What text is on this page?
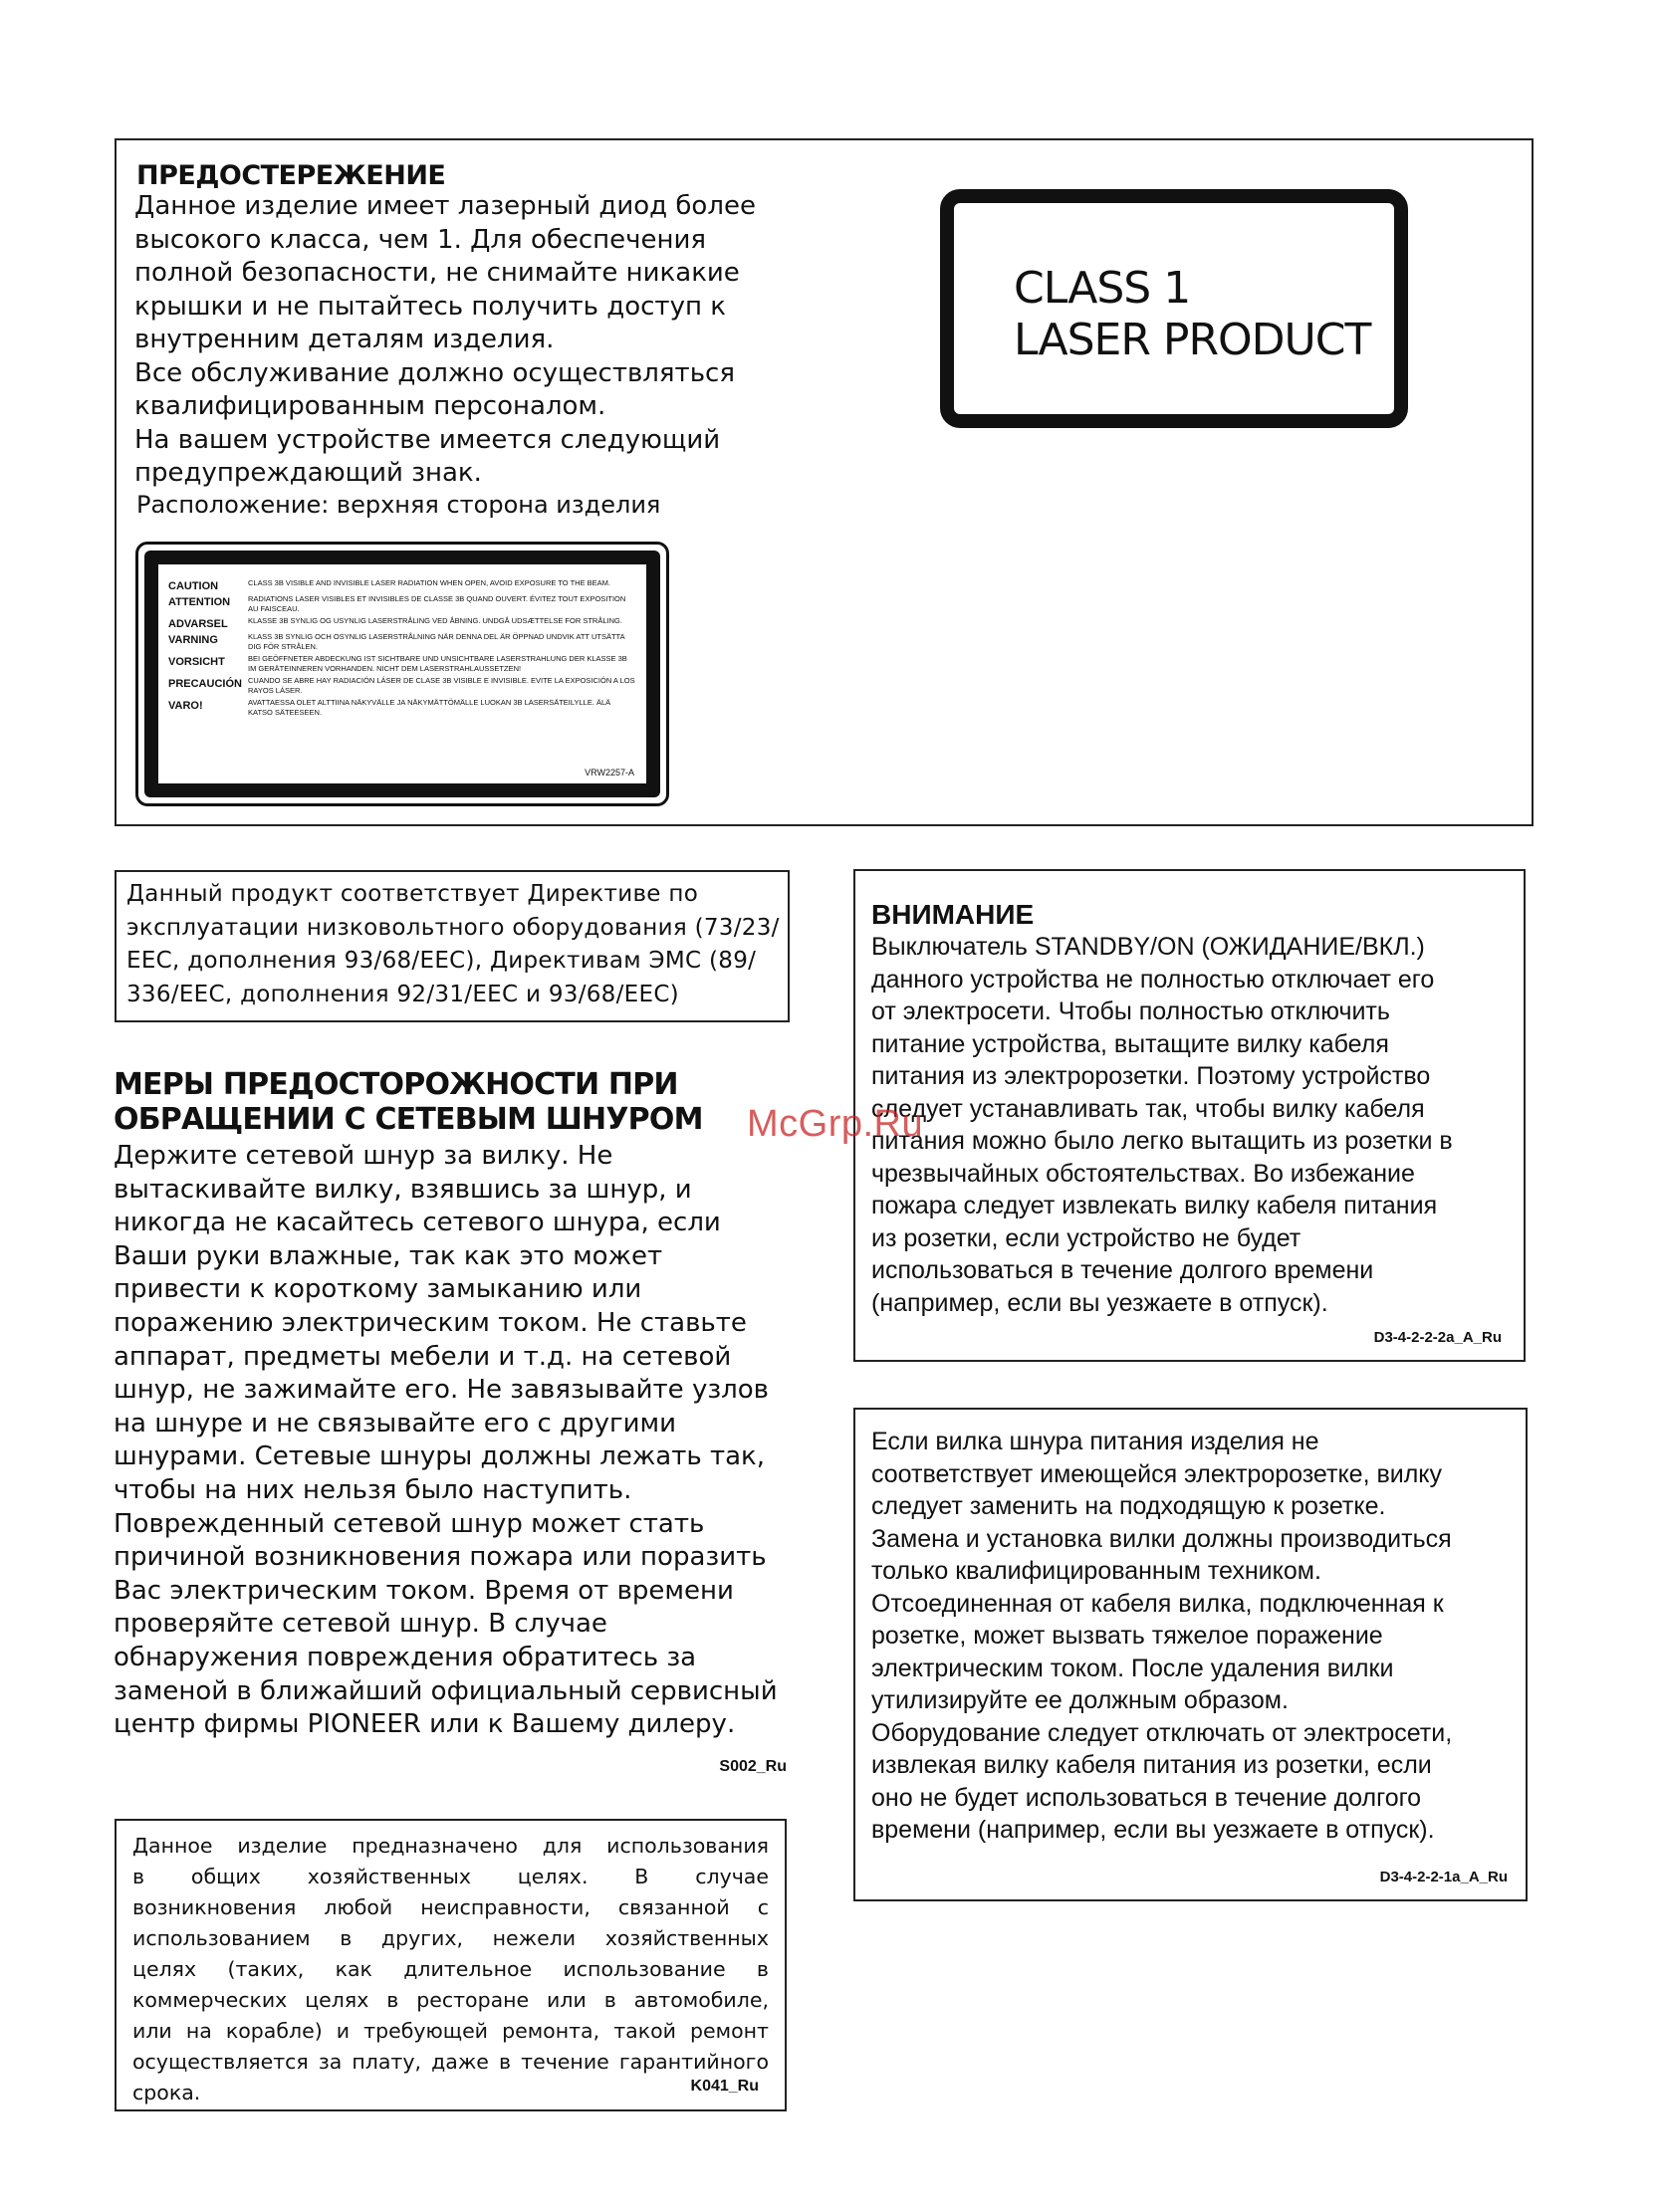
ПРЕДОСТЕРЕЖЕНИЕ
Данное изделие имеет лазерный диод более
высокого класса, чем 1. Для обеспечения
полной безопасности, не снимайте никакие
крышки и не пытайтесь получить доступ к
внутренним деталям изделия.
Все обслуживание должно осуществляться
квалифицированным персоналом.
На вашем устройстве имеется следующий
предупреждающий знак.
Расположение: верхняя сторона изделия
CLASS 1
LASER PRODUCT
CAUTION	CLASS 3B VISIBLE AND INVISIBLE LASER RADIATION WHEN OPEN, AVOID EXPOSURE TO THE BEAM.
ATTENTION	RADIATIONS LASER VISIBLES ET INVISIBLES DE CLASSE 3B QUAND OUVERT. ÉVITEZ TOUT EXPOSITION AU FAISCEAU.
ADVARSEL	KLASSE 3B SYNLIG OG USYNLIG LASERSTRÅLING VED ÅBNING. UNDGÅ UDSÆTTELSE FOR STRÅLING.
VARNING	KLASS 3B SYNLIG OCH OSYNLIG LASERSTRÅLNING NÄR DENNA DEL ÄR ÖPPNAD UNDVIK ATT UTSÄTTA DIG FÖR STRÅLEN.
VORSICHT	BEI GEÖFFNETER ABDECKUNG IST SICHTBARE UND UNSICHTBARE LASERSTRAHLUNG DER KLASSE 3B IM GERÄTEINNEREN VORHANDEN. NICHT DEM LASERSTRAHLAUSSETZEN!
PRECAUCIÓN CUANDO SE ABRE HAY RADIACIÓN LÁSER DE CLASE 3B VISIBLE E INVISIBLE. EVITE LA EXPOSICIÓN A LOS RAYOS LÁSER.
VARO!	AVATTAESSA OLET ALTTIINA NÄKYVÄLLE JA NÄKYMÄTTÖMÄLLE LUOKAN 3B LASERSÄTEILYLLE. ÄLÄ KATSO SÄTEESEEN.
VRW2257-A
Данный продукт соответствует Директиве по
эксплуатации низковольтного оборудования (73/23/
EEC, дополнения 93/68/EEC), Директивам ЭМС (89/
336/EEC, дополнения 92/31/EEC и 93/68/EEC)
МЕРЫ ПРЕДОСТОРОЖНОСТИ ПРИ
ОБРАЩЕНИИ С СЕТЕВЫМ ШНУРОМ
Держите сетевой шнур за вилку. Не
вытаскивайте вилку, взявшись за шнур, и
никогда не касайтесь сетевого шнура, если
Ваши руки влажные, так как это может
привести к короткому замыканию или
поражению электрическим током. Не ставьте
аппарат, предметы мебели и т.д. на сетевой
шнур, не зажимайте его. Не завязывайте узлов
на шнуре и не связывайте его с другими
шнурами. Сетевые шнуры должны лежать так,
чтобы на них нельзя было наступить.
Поврежденный сетевой шнур может стать
причиной возникновения пожара или поразить
Вас электрическим током. Время от времени
проверяйте сетевой шнур. В случае
обнаружения повреждения обратитесь за
заменой в ближайший официальный сервисный
центр фирмы PIONEER или к Вашему дилеру.
S002_Ru
Данное изделие предназначено для использования
в общих хозяйственных целях. В случае
возникновения любой неисправности, связанной с
использованием в других, нежели хозяйственных
целях (таких, как длительное использование в
коммерческих целях в ресторане или в автомобиле,
или на корабле) и требующей ремонта, такой ремонт
осуществляется за плату, даже в течение гарантийного
срока.	K041_Ru
ВНИМАНИЕ
Выключатель STANDBY/ON (ОЖИДАНИЕ/ВКЛ.)
данного устройства не полностью отключает его
от электросети. Чтобы полностью отключить
питание устройства, вытащите вилку кабеля
питания из электророзетки. Поэтому устройство
следует устанавливать так, чтобы вилку кабеля
питания можно было легко вытащить из розетки в
чрезвычайных обстоятельствах. Во избежание
пожара следует извлекать вилку кабеля питания
из розетки, если устройство не будет
использоваться в течение долгого времени
(например, если вы уезжаете в отпуск).
D3-4-2-2-2a_A_Ru
Если вилка шнура питания изделия не
соответствует имеющейся электророзетке, вилку
следует заменить на подходящую к розетке.
Замена и установка вилки должны производиться
только квалифицированным техником.
Отсоединенная от кабеля вилка, подключенная к
розетке, может вызвать тяжелое поражение
электрическим током. После удаления вилки
утилизируйте ее должным образом.
Оборудование следует отключать от электросети,
извлекая вилку кабеля питания из розетки, если
оно не будет использоваться в течение долгого
времени (например, если вы уезжаете в отпуск).
D3-4-2-2-1a_A_Ru
McGrp.Ru
